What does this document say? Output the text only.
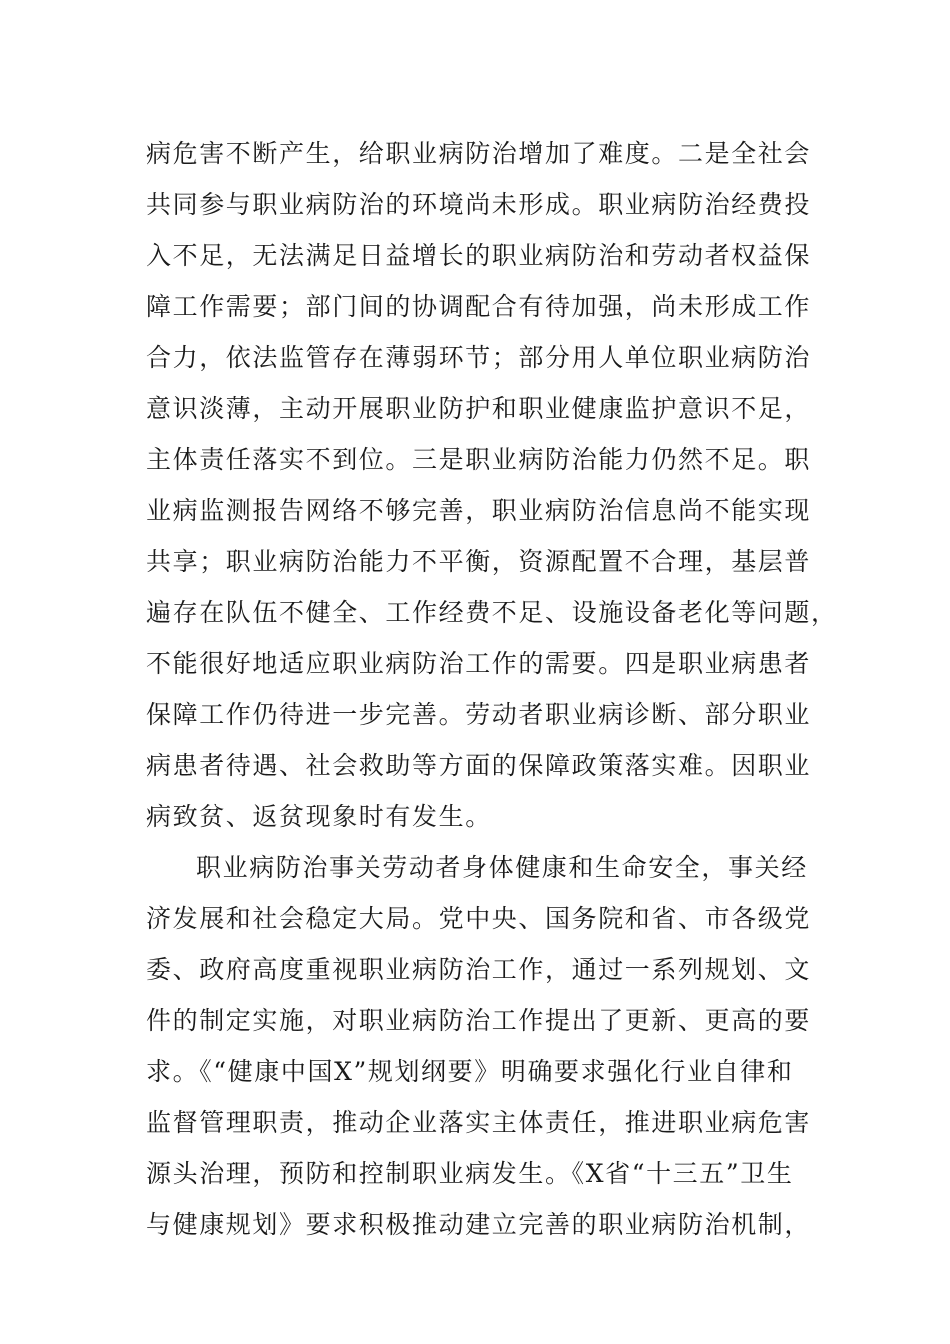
病危害不断产生，给职业病防治增加了难度。二是全社会
共同参与职业病防治的环境尚未形成。职业病防治经费投
入不足，无法满足日益增长的职业病防治和劳动者权益保
障工作需要；部门间的协调配合有待加强，尚未形成工作
合力，依法监管存在薄弱环节；部分用人单位职业病防治
意识淡薄，主动开展职业防护和职业健康监护意识不足，
主体责任落实不到位。三是职业病防治能力仍然不足。职
业病监测报告网络不够完善，职业病防治信息尚不能实现
共享；职业病防治能力不平衡，资源配置不合理，基层普
遍存在队伍不健全、工作经费不足、设施设备老化等问题，
不能很好地适应职业病防治工作的需要。四是职业病患者
保障工作仍待进一步完善。劳动者职业病诊断、部分职业
病患者待遇、社会救助等方面的保障政策落实难。因职业
病致贫、返贫现象时有发生。
职业病防治事关劳动者身体健康和生命安全，事关经
济发展和社会稳定大局。党中央、国务院和省、市各级党
委、政府高度重视职业病防治工作，通过一系列规划、文
件的制定实施，对职业病防治工作提出了更新、更高的要
求。《“健康中国X”规划纲要》明确要求强化行业自律和
监督管理职责，推动企业落实主体责任，推进职业病危害
源头治理，预防和控制职业病发生。《X省“十三五”卫生
与健康规划》要求积极推动建立完善的职业病防治机制，
